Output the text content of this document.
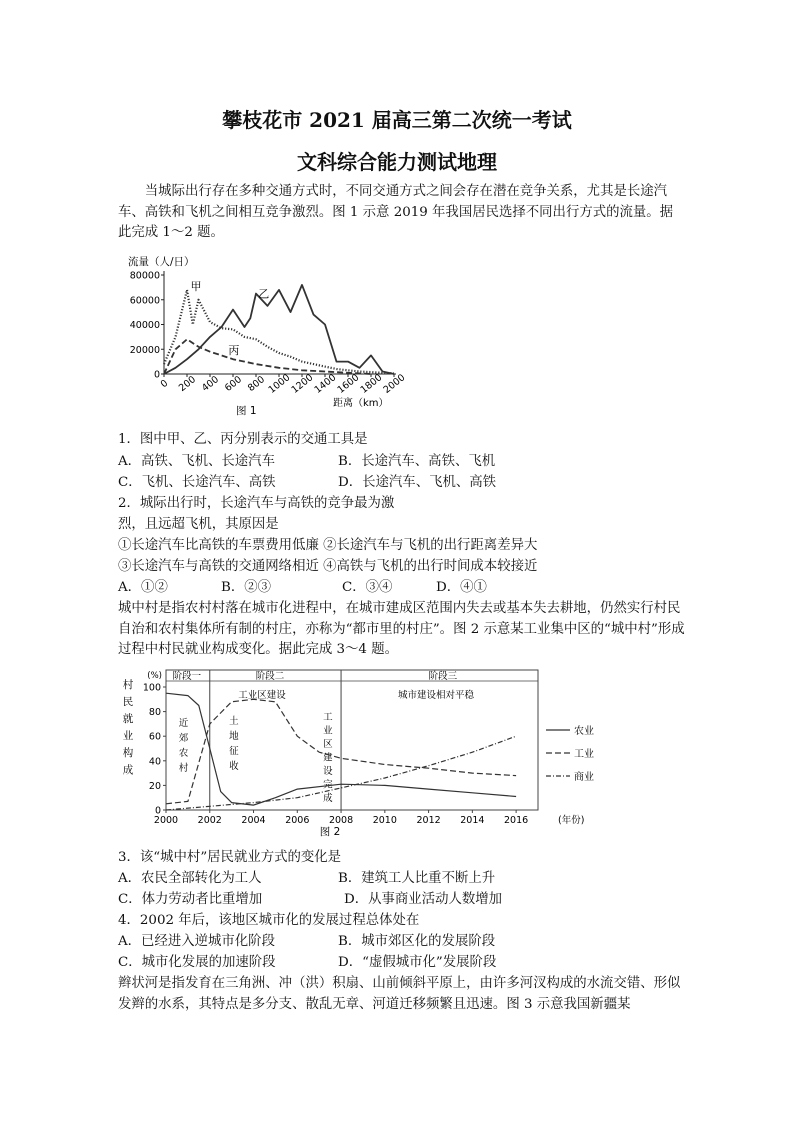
攀枝花市 2021 届高三第二次统一考试
文科综合能力测试地理
当城际出行存在多种交通方式时，不同交通方式之间会存在潜在竞争关系，尤其是长途汽车、高铁和飞机之间相互竞争激烈。图 1 示意 2019 年我国居民选择不同出行方式的流量。据此完成 1～2 题。
流量（人/日）
0
20000
40000
60000
80000
0 200 400 600 800 1000
1200
1400
1600
1800
2000
距离（km）
图 1
甲
乙
丙
1．图中甲、乙、丙分别表示的交通工具是
A．高铁、飞机、长途汽车	B．长途汽车、高铁、飞机
C．飞机、长途汽车、高铁	D．长途汽车、飞机、高铁
2．城际出行时，长途汽车与高铁的竞争最为激
烈，且远超飞机，其原因是
①长途汽车比高铁的车票费用低廉 ②长途汽车与飞机的出行距离差异大
③长途汽车与高铁的交通网络相近 ④高铁与飞机的出行时间成本较接近
A．①②	B．②③	C．③④	D．④①
城中村是指农村村落在城市化进程中，在城市建成区范围内失去或基本失去耕地，仍然实行村民自治和农村集体所有制的村庄，亦称为“都市里的村庄”。图 2 示意某工业集中区的“城中村”形成过程中村民就业构成变化。据此完成 3～4 题。
阶段一	阶段二	阶段三
工业区建设	城市建设相对平稳
近
郊
农
村
土
地
征
收
工
业
区
建
设
完
成
村
民
就
业
构
成
(%)
0
20
40
60
80
100
2000 2002 2004 2006 2008 2010 2012 2014 2016	(年份)
图 2
农业
工业
商业
3．该“城中村”居民就业方式的变化是
A．农民全部转化为工人	B．建筑工人比重不断上升
C．体力劳动者比重增加	D．从事商业活动人数增加
4．2002 年后，该地区城市化的发展过程总体处在
A．已经进入逆城市化阶段	B．城市郊区化的发展阶段
C．城市化发展的加速阶段	D．“虚假城市化”发展阶段
辫状河是指发育在三角洲、冲（洪）积扇、山前倾斜平原上，由许多河汊构成的水流交错、形似发辫的水系，其特点是多分支、散乱无章、河道迁移频繁且迅速。图 3 示意我国新疆某
